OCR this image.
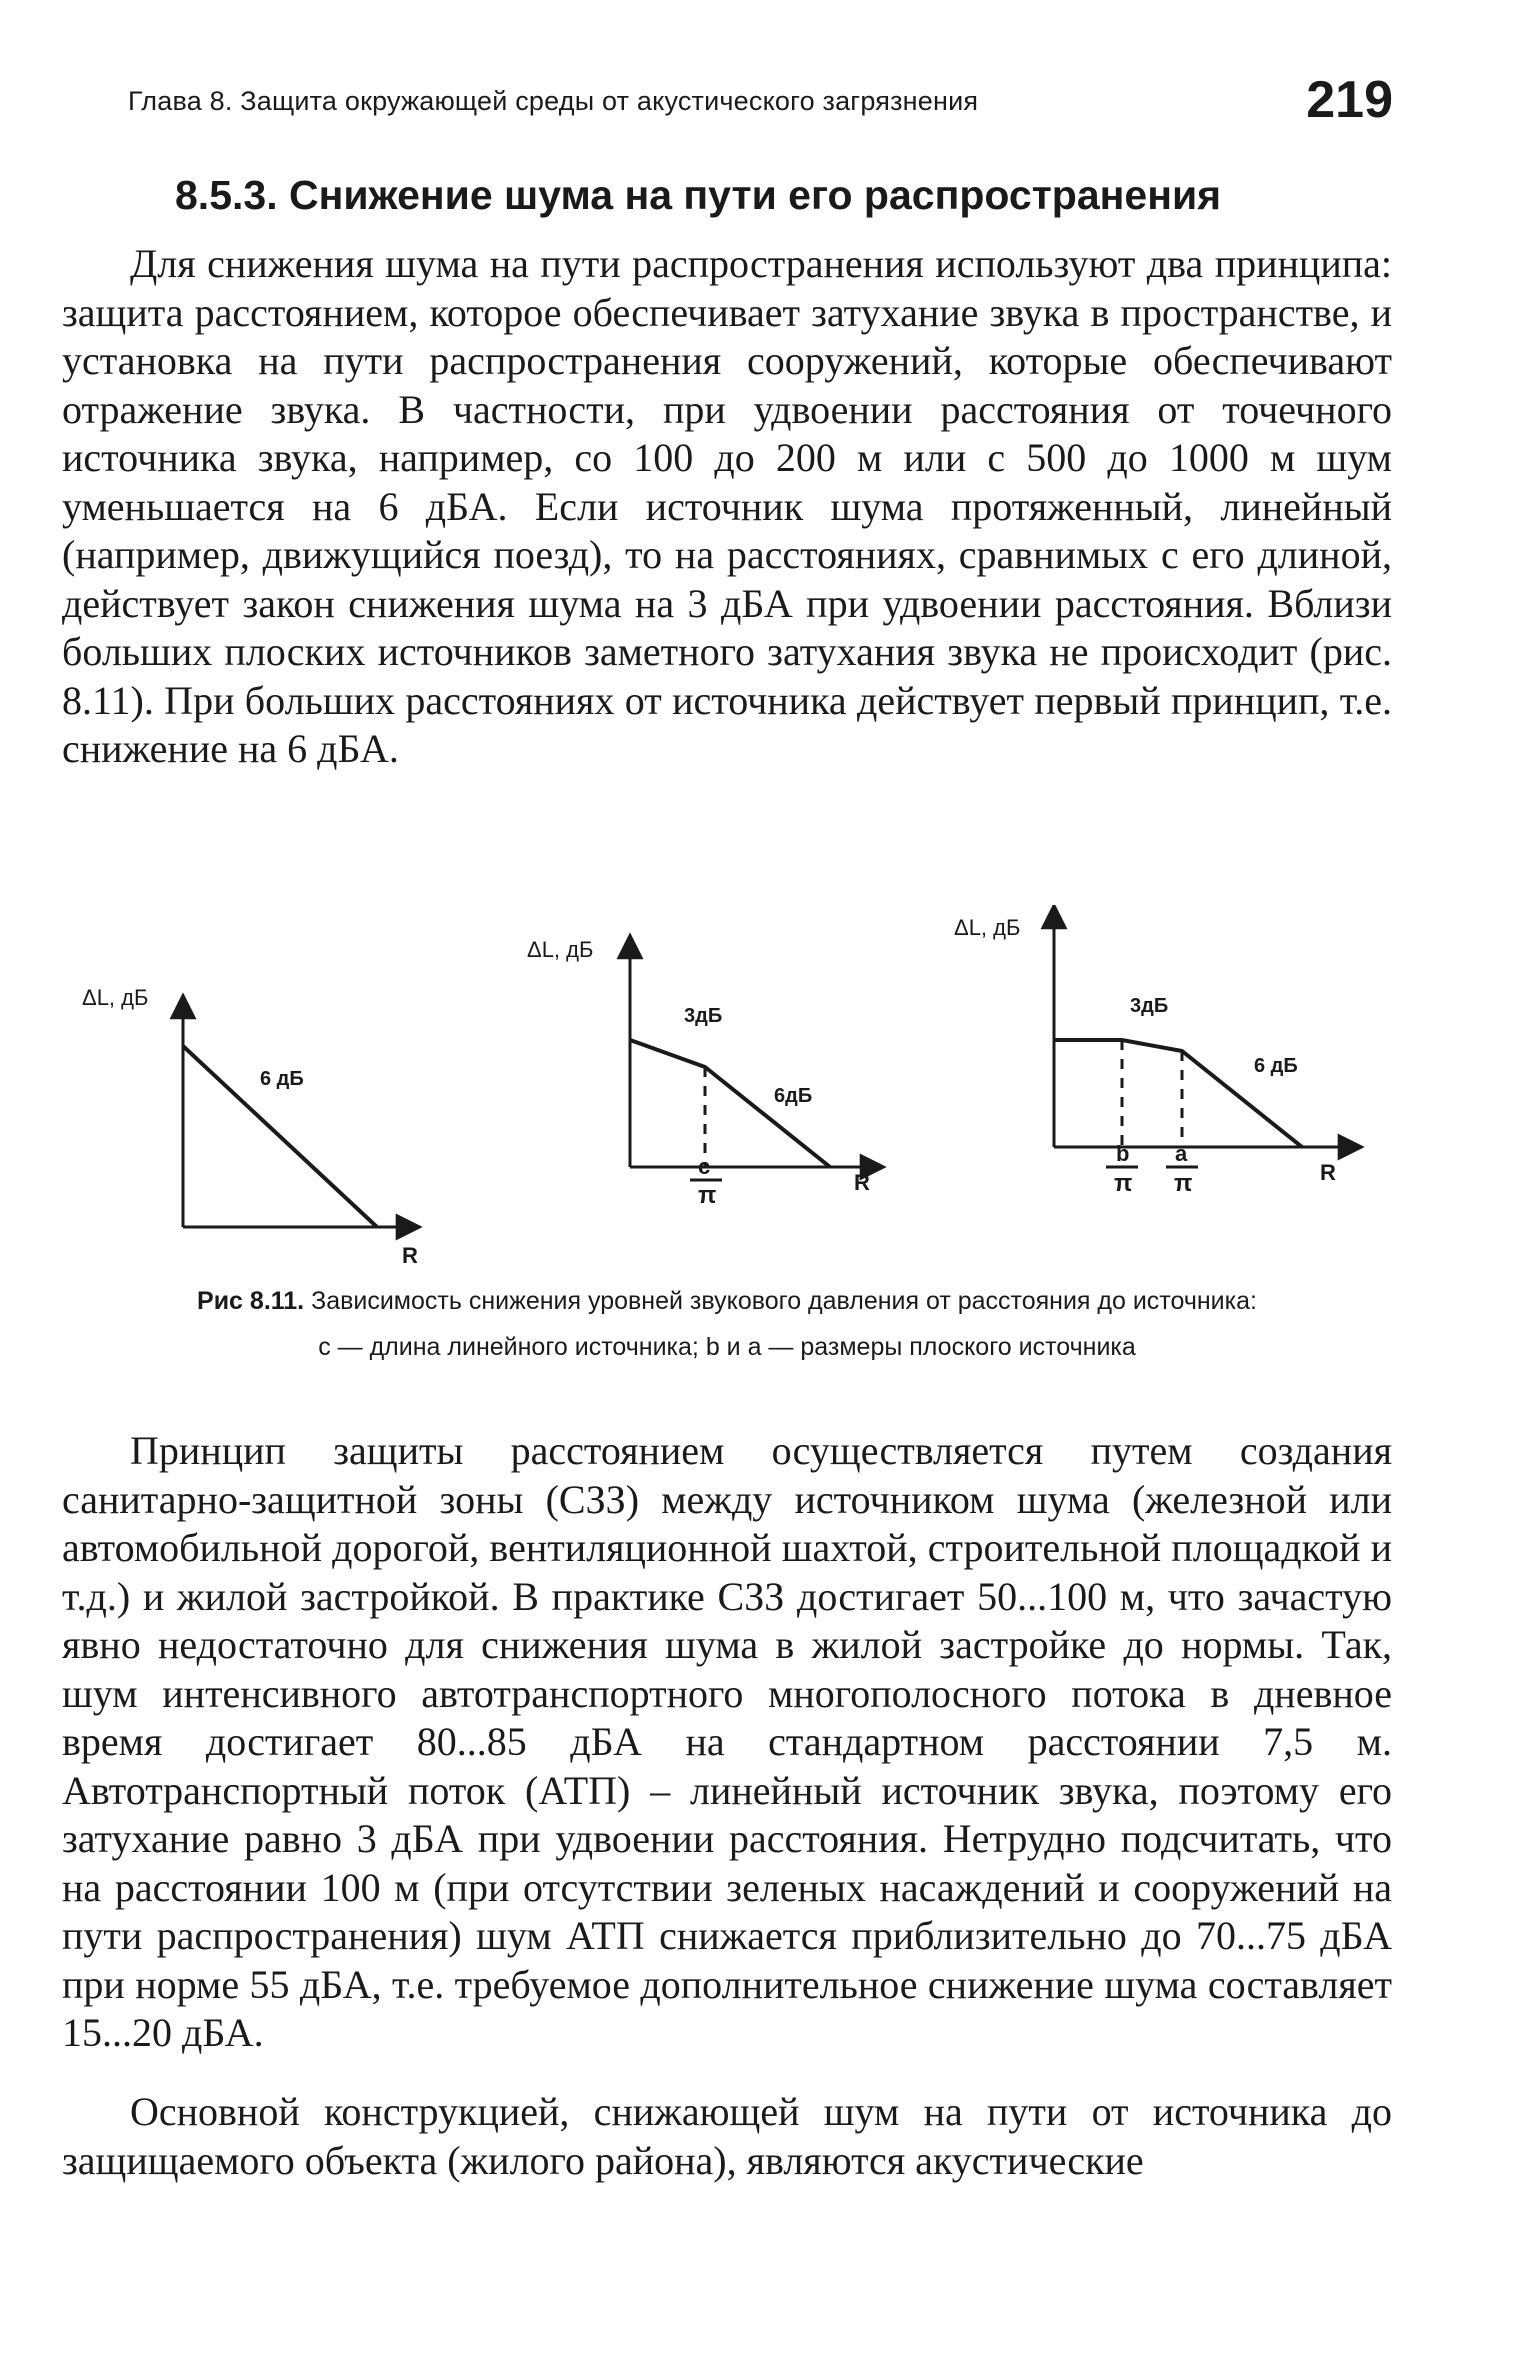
Глава 8. Защита окружающей среды от акустического загрязнения	219
8.5.3. Снижение шума на пути его распространения

Для снижения шума на пути распространения используют два принципа: защита расстоянием, которое обеспечивает затухание звука в пространстве, и установка на пути распространения сооружений, которые обеспечивают отражение звука. В частности, при удвоении расстояния от точечного источника звука, например, со 100 до 200 м или с 500 до 1000 м шум уменьшается на 6 дБА. Если источник шума протяженный, линейный (например, движущийся поезд), то на расстояниях, сравнимых с его длиной, действует закон снижения шума на 3 дБА при удвоении расстояния. Вблизи больших плоских источников заметного затухания звука не происходит (рис. 8.11). При больших расстояниях от источника действует первый принцип, т.е. снижение на 6 дБА.

ΔL, дБ
6 дБ
R
ΔL, дБ
3дБ
6дБ
c
π	R
ΔL, дБ
3дБ
6 дБ
b
π
a
π	R
Рис 8.11. Зависимость снижения уровней звукового давления от расстояния до источника:
c — длина линейного источника; b и a — размеры плоского источника

Принцип защиты расстоянием осуществляется путем создания санитарно-защитной зоны (СЗЗ) между источником шума (железной или автомобильной дорогой, вентиляционной шахтой, строительной площадкой и т.д.) и жилой застройкой. В практике СЗЗ достигает 50...100 м, что зачастую явно недостаточно для снижения шума в жилой застройке до нормы. Так, шум интенсивного автотранспортного многополосного потока в дневное время достигает 80...85 дБА на стандартном расстоянии 7,5 м. Автотранспортный поток (АТП) – линейный источник звука, поэтому его затухание равно 3 дБА при удвоении расстояния. Нетрудно подсчитать, что на расстоянии 100 м (при отсутствии зеленых насаждений и сооружений на пути распространения) шум АТП снижается приблизительно до 70...75 дБА при норме 55 дБА, т.е. требуемое дополнительное снижение шума составляет 15...20 дБА.

Основной конструкцией, снижающей шум на пути от источника до защищаемого объекта (жилого района), являются акустические
